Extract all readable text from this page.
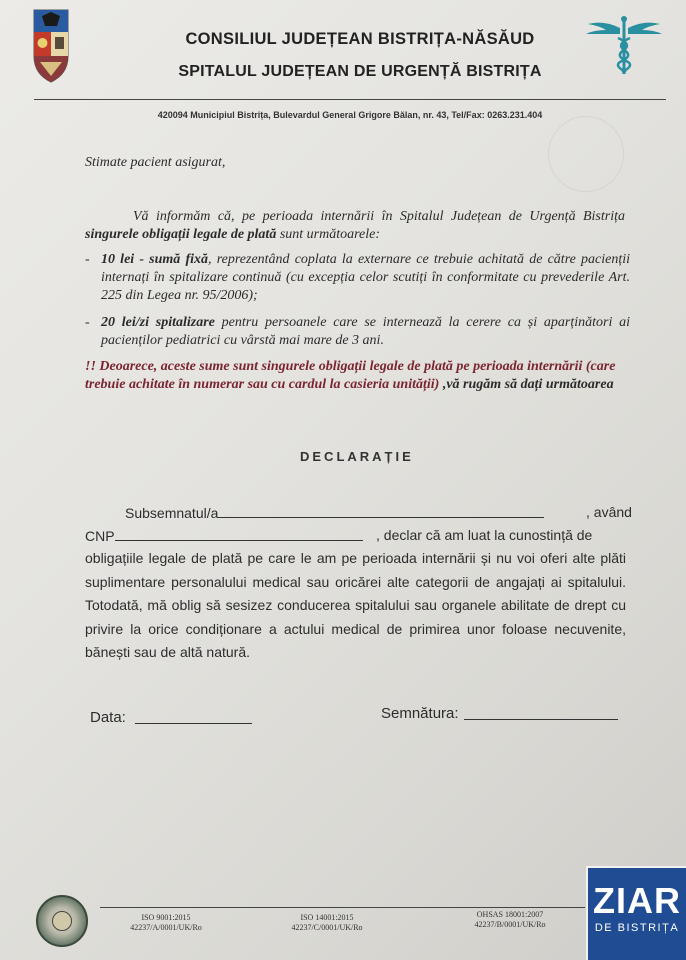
CONSILIUL JUDEȚEAN BISTRIȚA-NĂSĂUD
SPITALUL JUDEȚEAN DE URGENȚĂ BISTRIȚA
420094 Municipiul Bistrița, Bulevardul General Grigore Bălan, nr. 43, Tel/Fax: 0263.231.404
Stimate pacient asigurat,
Vă informăm că, pe perioada internării în Spitalul Județean de Urgență Bistrița singurele obligații legale de plată sunt următoarele:
- 10 lei - sumă fixă, reprezentând coplata la externare ce trebuie achitată de către pacienții internați în spitalizare continuă (cu excepția celor scutiți în conformitate cu prevederile Art. 225 din Legea nr. 95/2006);
- 20 lei/zi spitalizare pentru persoanele care se internează la cerere ca și aparținători ai pacienților pediatrici cu vârstă mai mare de 3 ani.
!! Deoarece, aceste sume sunt singurele obligații legale de plată pe perioada internării (care trebuie achitate în numerar sau cu cardul la casieria unității) ,vă rugăm să dați următoarea
DECLARAȚIE
Subsemnatul/a	, având
CNP	, declar că am luat la cunostință de
obligațiile legale de plată pe care le am pe perioada internării și nu voi oferi alte plăti suplimentare personalului medical sau oricărei alte categorii de angajați ai spitalului. Totodată, mă oblig să sesizez conducerea spitalului sau organele abilitate de drept cu privire la orice condiționare a actului medical de primirea unor foloase necuvenite, bănești sau de altă natură.
Data:	Semnătura:
ISO 9001:2015
42237/A/0001/UK/Ro
ISO 14001:2015
42237/C/0001/UK/Ro
OHSAS 18001:2007
42237/B/0001/UK/Ro
ZIAR
DE BISTRIȚA
